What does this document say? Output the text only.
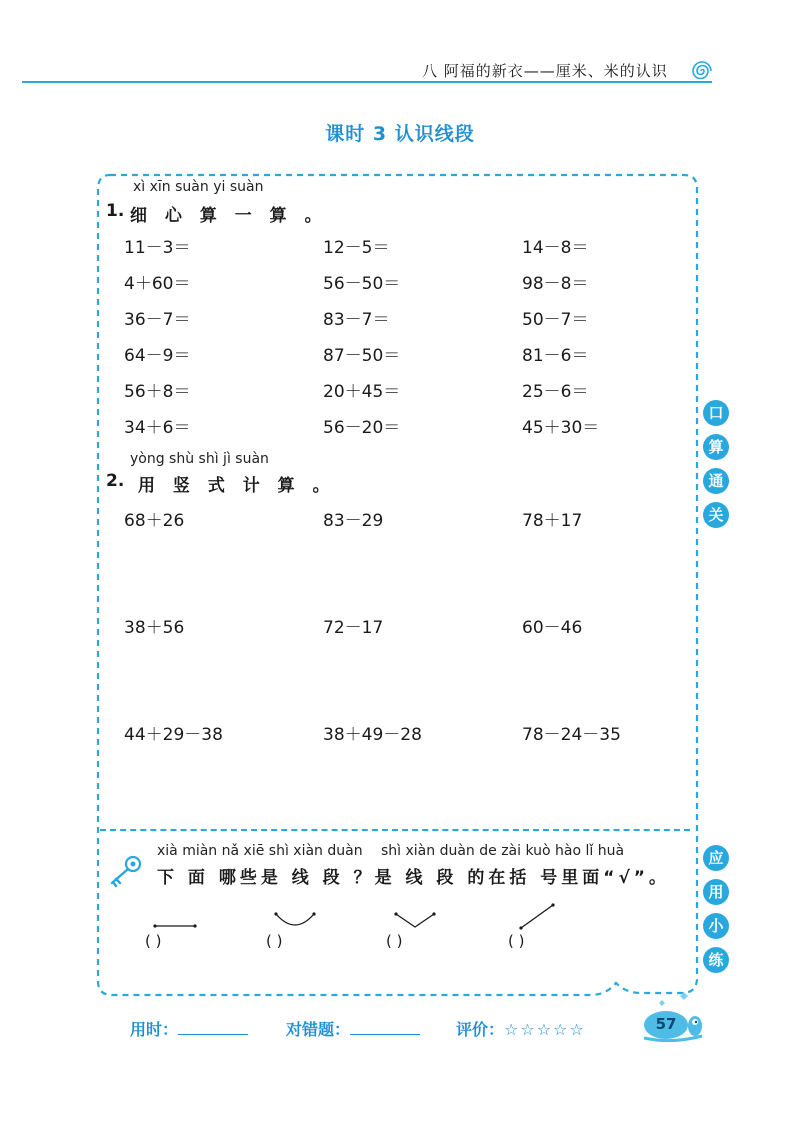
八 阿福的新衣——厘米、米的认识
课时 3 认识线段
xì xīn suàn yi suàn
1. 细 心 算 一 算 。
11－3＝	12－5＝	14－8＝
4＋60＝	56－50＝	98－8＝
36－7＝	83－7＝	50－7＝
64－9＝	87－50＝	81－6＝
56＋8＝	20＋45＝	25－6＝
34＋6＝	56－20＝	45＋30＝
yòng shù shì jì suàn
2. 用 竖 式 计 算 。
68＋26	83－29	78＋17
38＋56	72－17	60－46
44＋29－38	38＋49－28	78－24－35
口
算
通
关
应
用
小
练
xià miàn nǎ xiē shì xiàn duàn shì xiàn duàn de zài kuò hào lǐ huà
下 面 哪些是 线 段 ？是 线 段 的在括 号里面“√”。
( )	( )	( )	( )
用时：	对错题：	评价：☆☆☆☆☆	57
